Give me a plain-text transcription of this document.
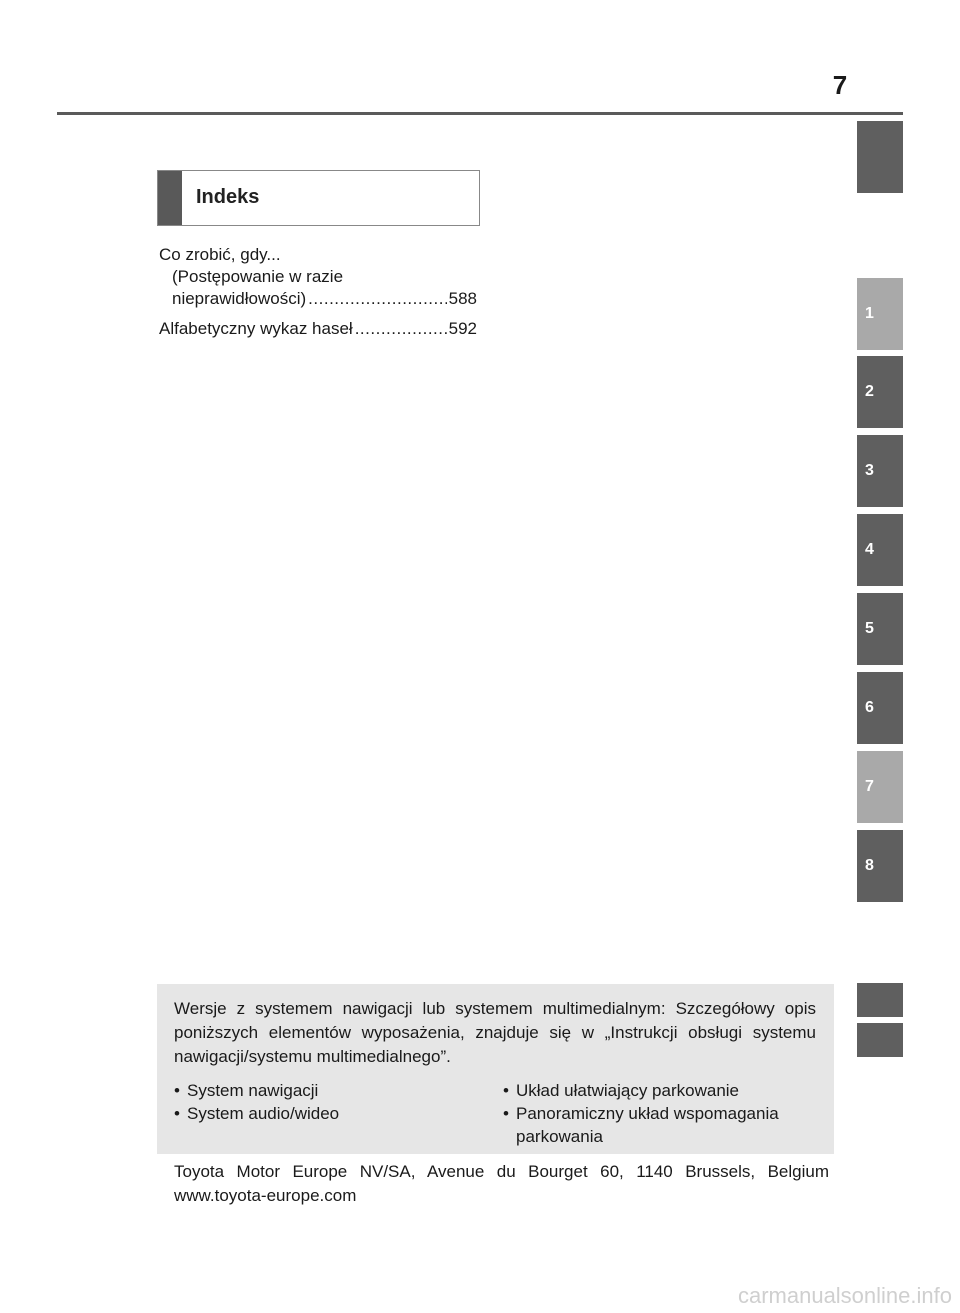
7
1
2
3
4
5
6
7
8
Indeks
Co zrobić, gdy...
(Postępowanie w razie
nieprawidłowości) .....	588
Alfabetyczny wykaz haseł .....	592
Wersje z systemem nawigacji lub systemem multimedialnym: Szczegółowy opis poniższych elementów wyposażenia, znajduje się w „Instrukcji obsługi systemu nawigacji/systemu multimedialnego”.
• System nawigacji
• System audio/wideo
• Układ ułatwiający parkowanie
• Panoramiczny układ wspomagania parkowania
Toyota Motor Europe NV/SA, Avenue du Bourget 60, 1140 Brussels, Belgium
www.toyota-europe.com
carmanualsonline.info
